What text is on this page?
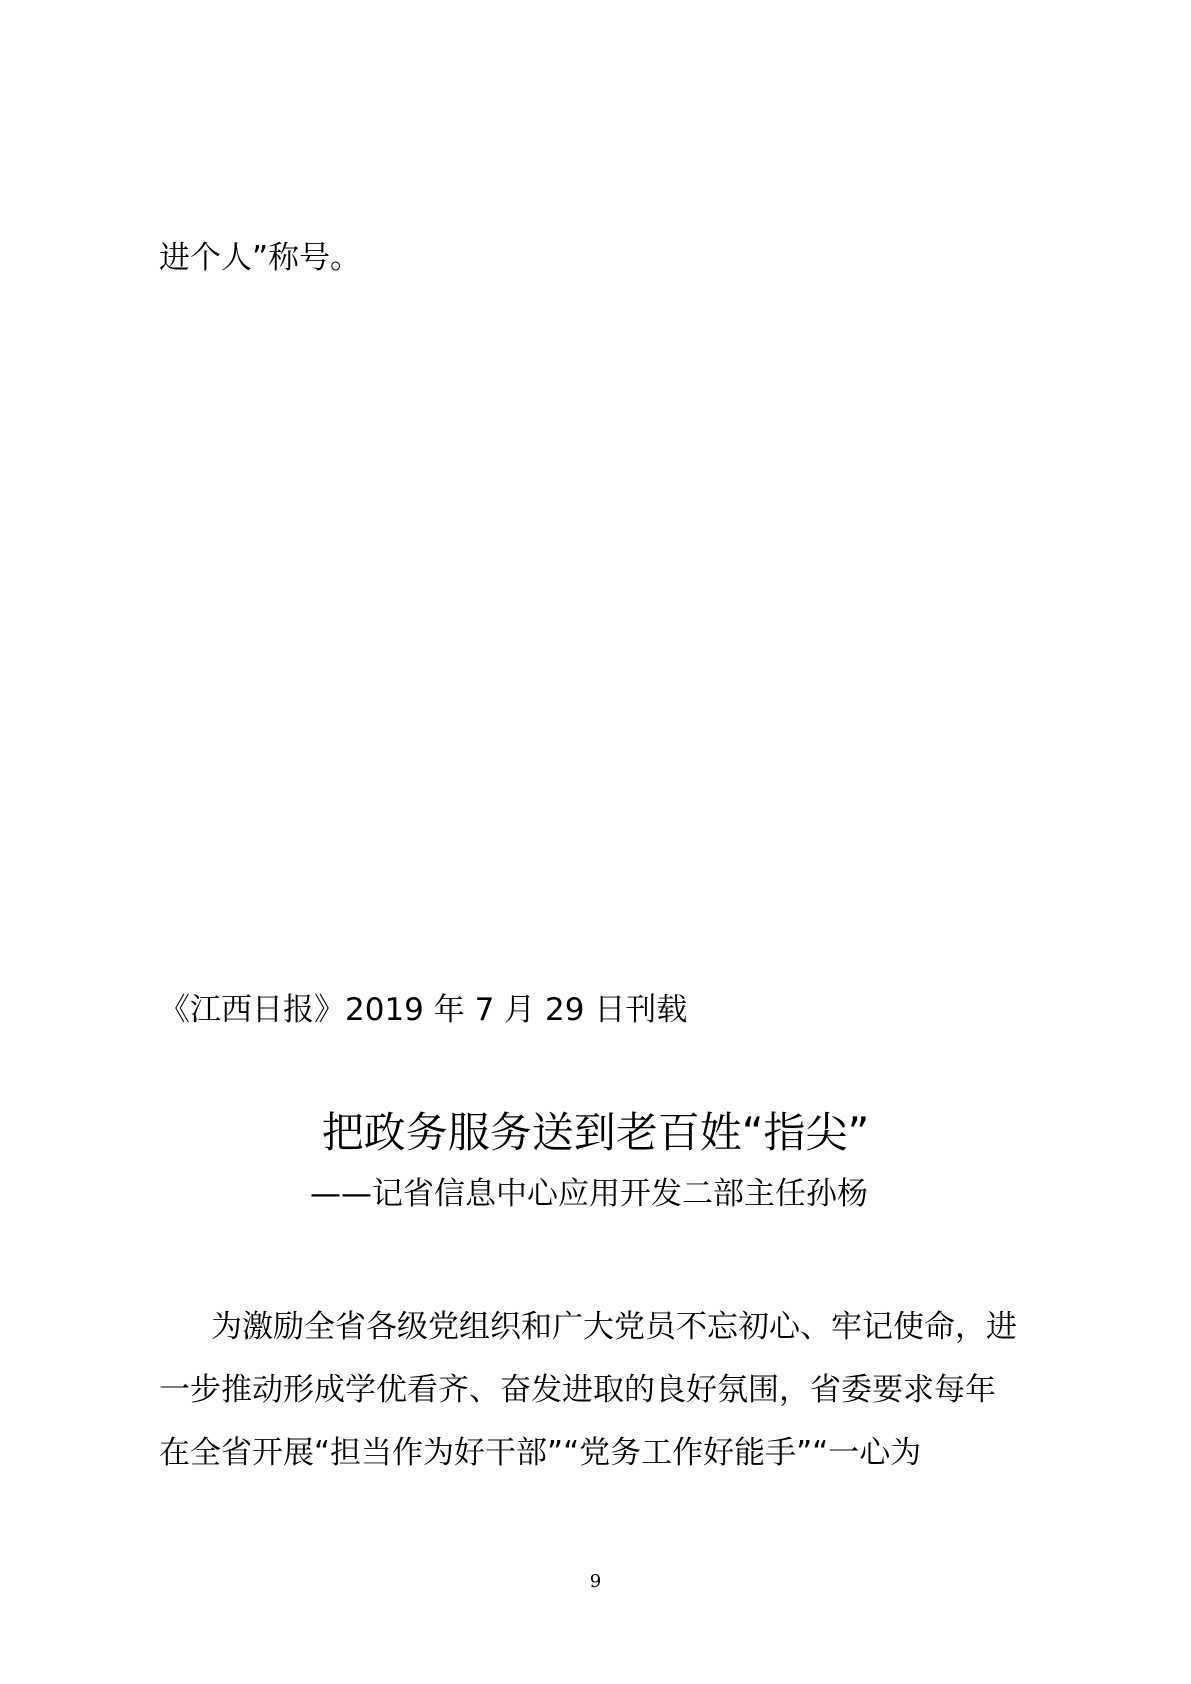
进个人”称号。
《江西日报》2019 年 7 月 29 日刊载
把政务服务送到老百姓“指尖”
——记省信息中心应用开发二部主任孙杨
为激励全省各级党组织和广大党员不忘初心、牢记使命，进
一步推动形成学优看齐、奋发进取的良好氛围，省委要求每年
在全省开展“担当作为好干部”“党务工作好能手”“一心为
9
